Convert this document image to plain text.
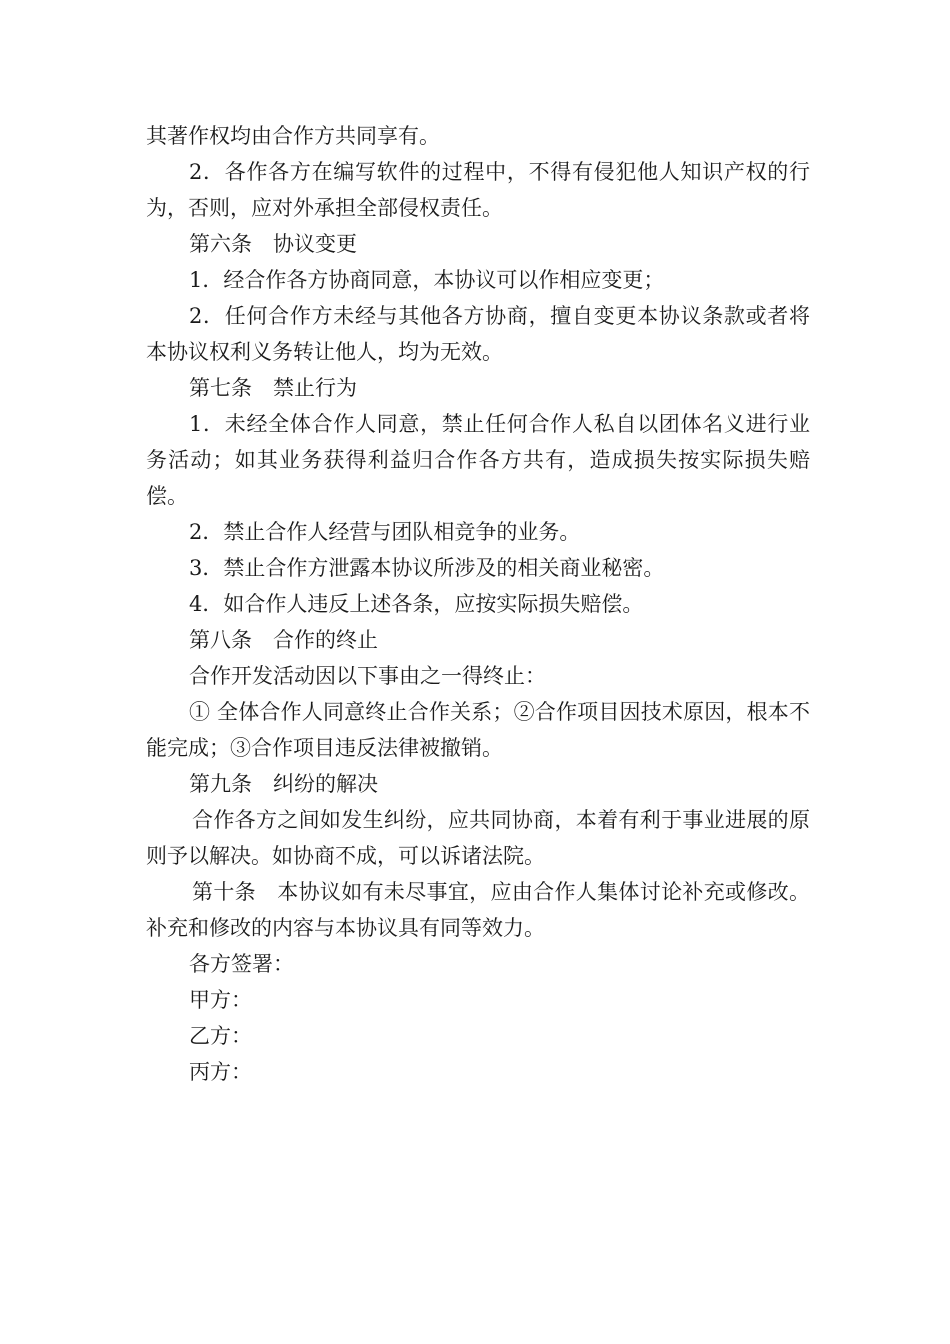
其著作权均由合作方共同享有。

2．各作各方在编写软件的过程中，不得有侵犯他人知识产权的行为，否则，应对外承担全部侵权责任。

第六条　协议变更

1．经合作各方协商同意，本协议可以作相应变更；

2．任何合作方未经与其他各方协商，擅自变更本协议条款或者将本协议权利义务转让他人，均为无效。

第七条　禁止行为

1．未经全体合作人同意，禁止任何合作人私自以团体名义进行业务活动；如其业务获得利益归合作各方共有，造成损失按实际损失赔偿。

2．禁止合作人经营与团队相竞争的业务。

3．禁止合作方泄露本协议所涉及的相关商业秘密。

4．如合作人违反上述各条，应按实际损失赔偿。

第八条　合作的终止

合作开发活动因以下事由之一得终止：

① 全体合作人同意终止合作关系；②合作项目因技术原因，根本不能完成；③合作项目违反法律被撤销。

第九条　纠纷的解决

合作各方之间如发生纠纷，应共同协商，本着有利于事业进展的原则予以解决。如协商不成，可以诉诸法院。

第十条　本协议如有未尽事宜，应由合作人集体讨论补充或修改。补充和修改的内容与本协议具有同等效力。

各方签署：

甲方：

乙方：

丙方：
